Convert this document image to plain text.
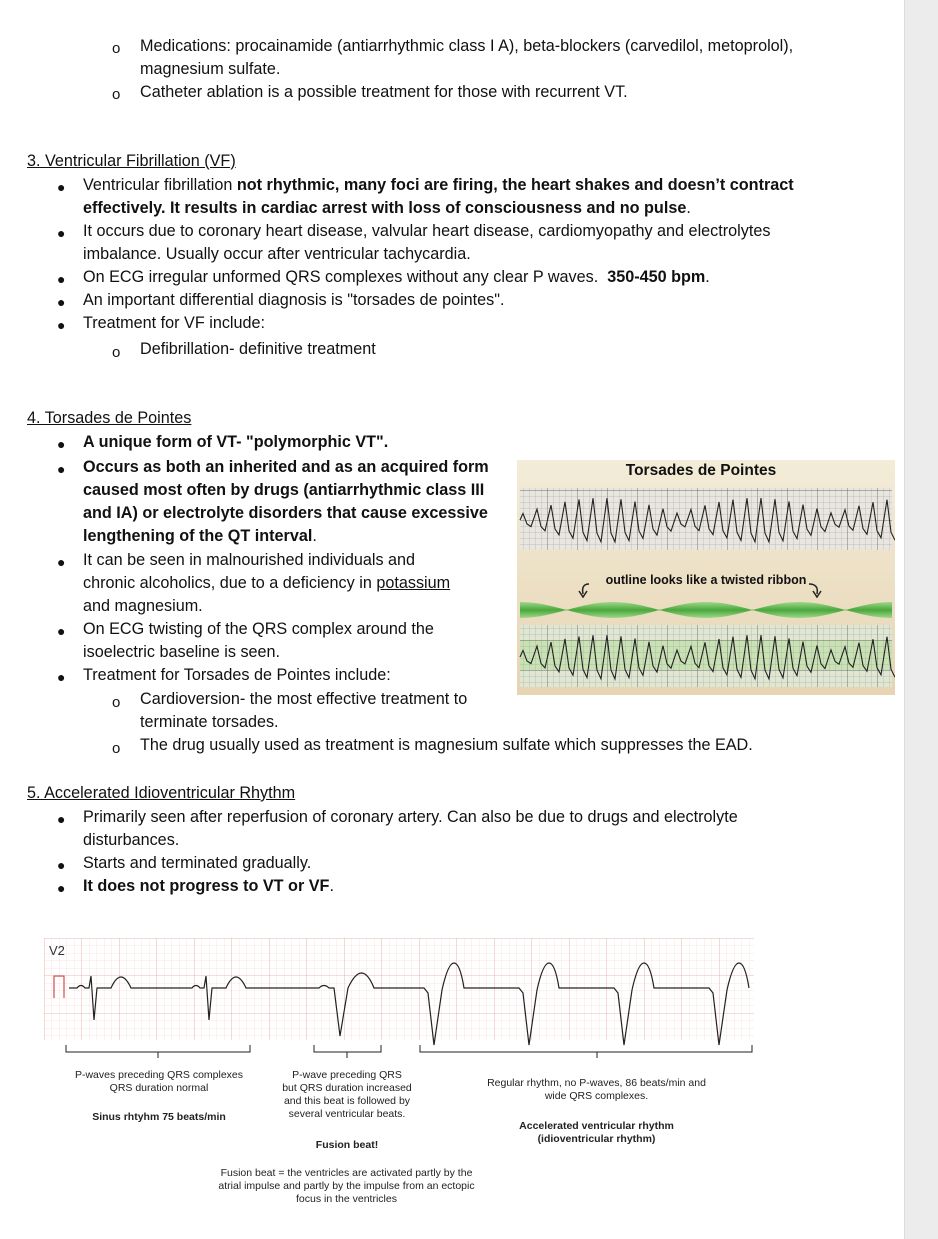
o Medications: procainamide (antiarrhythmic class I A), beta-blockers (carvedilol, metoprolol),
magnesium sulfate.
o Catheter ablation is a possible treatment for those with recurrent VT.
3. Ventricular Fibrillation (VF)
● Ventricular fibrillation not rhythmic, many foci are firing, the heart shakes and doesn’t contract
effectively. It results in cardiac arrest with loss of consciousness and no pulse.
● It occurs due to coronary heart disease, valvular heart disease, cardiomyopathy and electrolytes
imbalance. Usually occur after ventricular tachycardia.
● On ECG irregular unformed QRS complexes without any clear P waves.  350-450 bpm.
● An important differential diagnosis is "torsades de pointes".
● Treatment for VF include:
o Defibrillation- definitive treatment
4. Torsades de Pointes
● A unique form of VT- "polymorphic VT".
● Occurs as both an inherited and as an acquired form
caused most often by drugs (antiarrhythmic class III
and IA) or electrolyte disorders that cause excessive
lengthening of the QT interval.
● It can be seen in malnourished individuals and
chronic alcoholics, due to a deficiency in potassium
and magnesium.
● On ECG twisting of the QRS complex around the
isoelectric baseline is seen.
● Treatment for Torsades de Pointes include:
o Cardioversion- the most effective treatment to
terminate torsades.
o The drug usually used as treatment is magnesium sulfate which suppresses the EAD.
Torsades de Pointes
outline looks like a twisted ribbon
5. Accelerated Idioventricular Rhythm
● Primarily seen after reperfusion of coronary artery. Can also be due to drugs and electrolyte
disturbances.
● Starts and terminated gradually.
● It does not progress to VT or VF.
V2
P-waves preceding QRS complexes
QRS duration normal
Sinus rhtyhm 75 beats/min
P-wave preceding QRS
but QRS duration increased
and this beat is followed by
several ventricular beats.
Fusion beat!
Regular rhythm, no P-waves, 86 beats/min and
wide QRS complexes.
Accelerated ventricular rhythm
(idioventricular rhythm)
Fusion beat = the ventricles are activated partly by the
atrial impulse and partly by the impulse from an ectopic
focus in the ventricles
